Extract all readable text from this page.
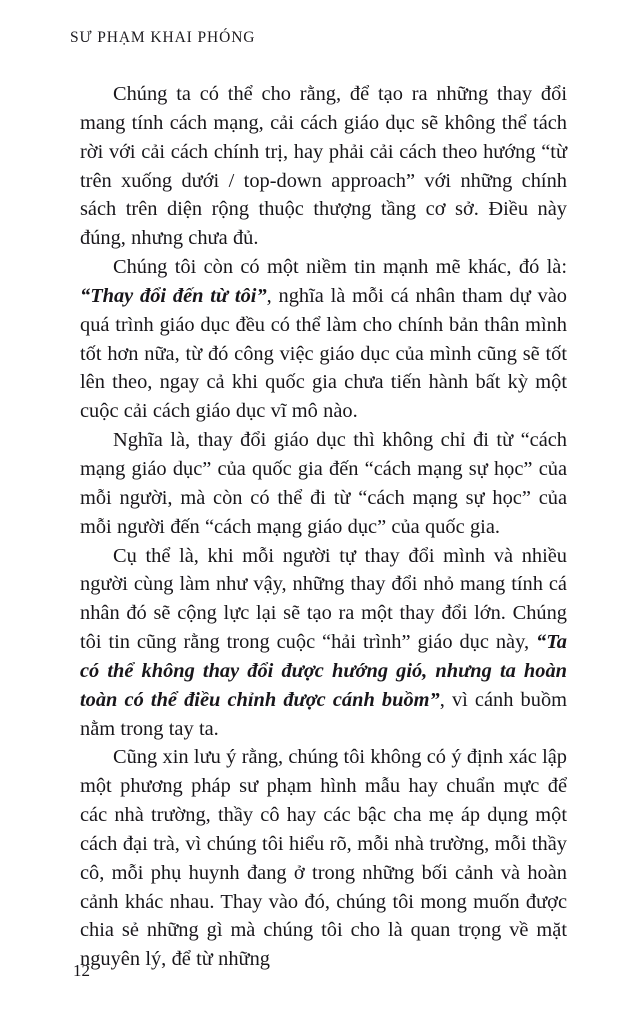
SƯ PHẠM KHAI PHÓNG

Chúng ta có thể cho rằng, để tạo ra những thay đổi mang tính cách mạng, cải cách giáo dục sẽ không thể tách rời với cải cách chính trị, hay phải cải cách theo hướng “từ trên xuống dưới / top-down approach” với những chính sách trên diện rộng thuộc thượng tầng cơ sở. Điều này đúng, nhưng chưa đủ.

Chúng tôi còn có một niềm tin mạnh mẽ khác, đó là: “Thay đổi đến từ tôi”, nghĩa là mỗi cá nhân tham dự vào quá trình giáo dục đều có thể làm cho chính bản thân mình tốt hơn nữa, từ đó công việc giáo dục của mình cũng sẽ tốt lên theo, ngay cả khi quốc gia chưa tiến hành bất kỳ một cuộc cải cách giáo dục vĩ mô nào.

Nghĩa là, thay đổi giáo dục thì không chỉ đi từ “cách mạng giáo dục” của quốc gia đến “cách mạng sự học” của mỗi người, mà còn có thể đi từ “cách mạng sự học” của mỗi người đến “cách mạng giáo dục” của quốc gia.

Cụ thể là, khi mỗi người tự thay đổi mình và nhiều người cùng làm như vậy, những thay đổi nhỏ mang tính cá nhân đó sẽ cộng lực lại sẽ tạo ra một thay đổi lớn. Chúng tôi tin cũng rằng trong cuộc “hải trình” giáo dục này, “Ta có thể không thay đổi được hướng gió, nhưng ta hoàn toàn có thể điều chỉnh được cánh buồm”, vì cánh buồm nằm trong tay ta.

Cũng xin lưu ý rằng, chúng tôi không có ý định xác lập một phương pháp sư phạm hình mẫu hay chuẩn mực để các nhà trường, thầy cô hay các bậc cha mẹ áp dụng một cách đại trà, vì chúng tôi hiểu rõ, mỗi nhà trường, mỗi thầy cô, mỗi phụ huynh đang ở trong những bối cảnh và hoàn cảnh khác nhau. Thay vào đó, chúng tôi mong muốn được chia sẻ những gì mà chúng tôi cho là quan trọng về mặt nguyên lý, để từ những

12
